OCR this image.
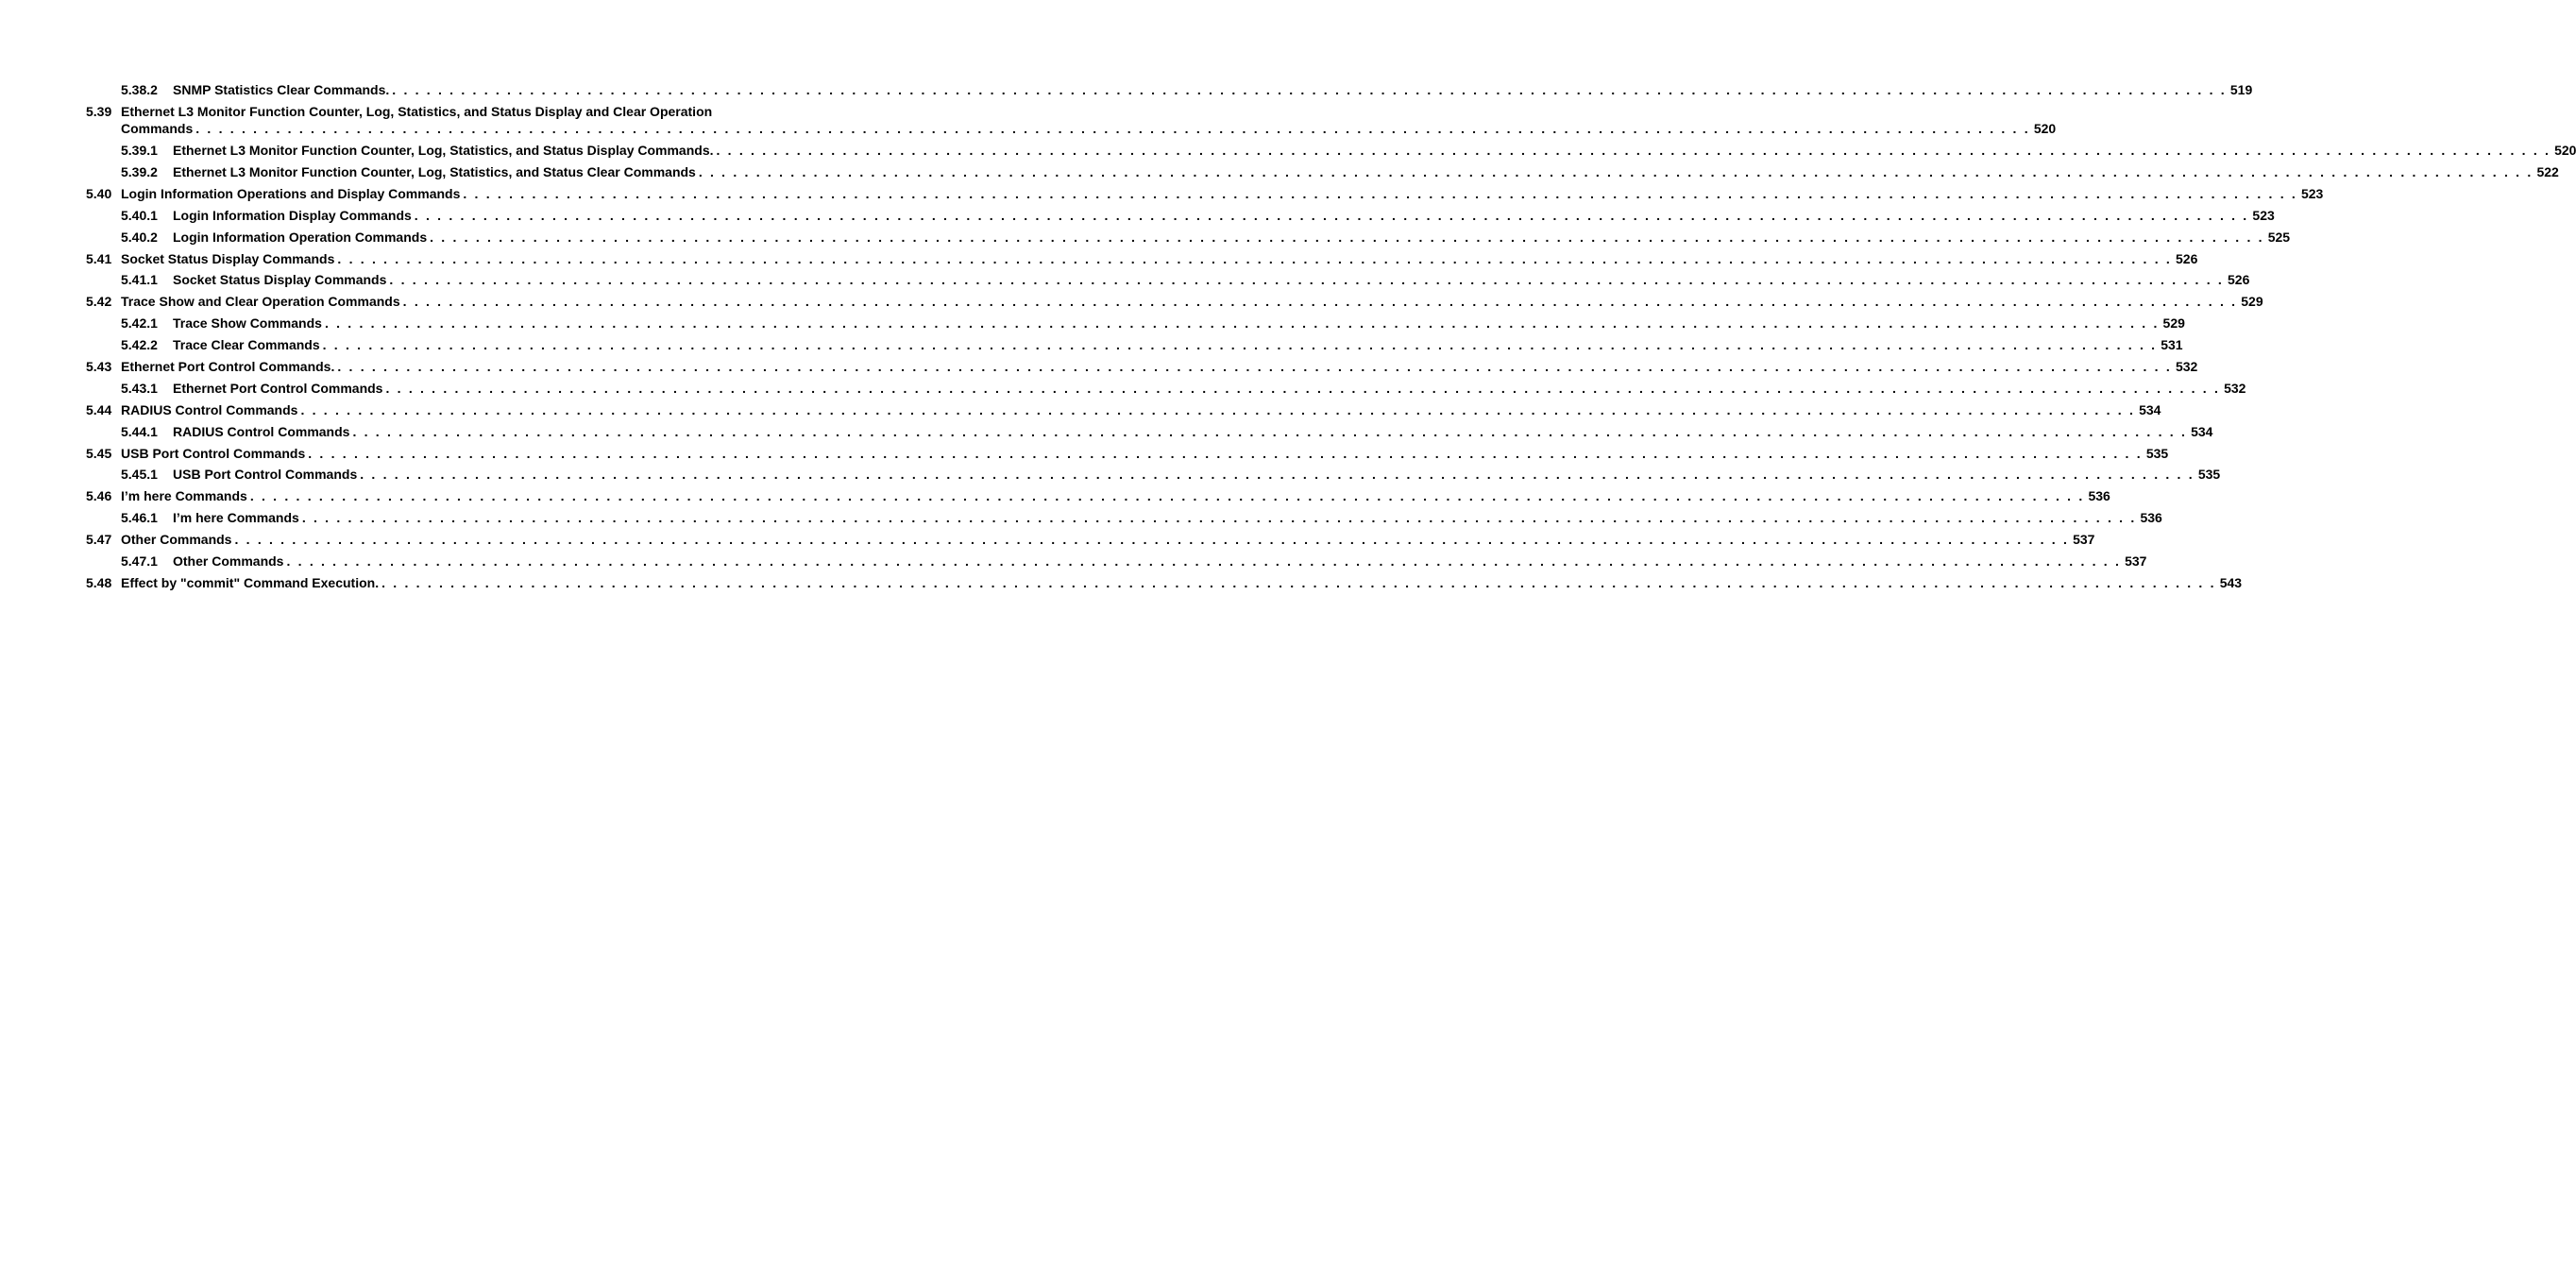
5.38.2	SNMP Statistics Clear Commands. . . . . . . . . . . . . . . . . . . . . . . . . . . . . . . . . . . . . . . . . . . . . . . . . . . . . . . . . . . . . . . . . . . . . . . . . . . . . . . . . . . . . . . . . . . . . . . . . . . . . . . . . . . . . . . . . . . . . . . . . . . . . . . . . . . . . . . . . . . . . . . . . . . . . . . . . . . . . . . . . 519
5.39 Ethernet L3 Monitor Function Counter, Log, Statistics, and Status Display and Clear Operation
Commands . . . . . . . . . . . . . . . . . . . . . . . . . . . . . . . . . . . . . . . . . . . . . . . . . . . . . . . . . . . . . . . . . . . . . . . . . . . . . . . . . . . . . . . . . . . . . . . . . . . . . . . . . . . . . . . . . . . . . . . . . . . . . . . . . . . . . . . . . . . . . . . . . . . . . . . . . . . . . . . . 520
5.39.1	Ethernet L3 Monitor Function Counter, Log, Statistics, and Status Display Commands. . . . . . . . . . . . . . . . . . . . . . . . . . . . . . . . . . . . . . . . . . . . . . . . . . . . . . . . . . . . . . . . . . . . . . . . . . . . . . . . . . . . . . . . . . . . . . . . . . . . . . . . . . . . . . . . . . . . . . . . . . . . . . . . . . . . . . . . . . . . . . . . . . . . . . . . . . . . . . . . . 520
5.39.2	Ethernet L3 Monitor Function Counter, Log, Statistics, and Status Clear Commands . . . . . . . . . . . . . . . . . . . . . . . . . . . . . . . . . . . . . . . . . . . . . . . . . . . . . . . . . . . . . . . . . . . . . . . . . . . . . . . . . . . . . . . . . . . . . . . . . . . . . . . . . . . . . . . . . . . . . . . . . . . . . . . . . . . . . . . . . . . . . . . . . . . . . . . . . . . . . . . . 522
5.40 Login Information Operations and Display Commands . . . . . . . . . . . . . . . . . . . . . . . . . . . . . . . . . . . . . . . . . . . . . . . . . . . . . . . . . . . . . . . . . . . . . . . . . . . . . . . . . . . . . . . . . . . . . . . . . . . . . . . . . . . . . . . . . . . . . . . . . . . . . . . . . . . . . . . . . . . . . . . . . . . . . . . . . . . . . . . . 523
5.40.1	Login Information Display Commands . . . . . . . . . . . . . . . . . . . . . . . . . . . . . . . . . . . . . . . . . . . . . . . . . . . . . . . . . . . . . . . . . . . . . . . . . . . . . . . . . . . . . . . . . . . . . . . . . . . . . . . . . . . . . . . . . . . . . . . . . . . . . . . . . . . . . . . . . . . . . . . . . . . . . . . . . . . . . . . . 523
5.40.2	Login Information Operation Commands . . . . . . . . . . . . . . . . . . . . . . . . . . . . . . . . . . . . . . . . . . . . . . . . . . . . . . . . . . . . . . . . . . . . . . . . . . . . . . . . . . . . . . . . . . . . . . . . . . . . . . . . . . . . . . . . . . . . . . . . . . . . . . . . . . . . . . . . . . . . . . . . . . . . . . . . . . . . . . . . 525
5.41 Socket Status Display Commands . . . . . . . . . . . . . . . . . . . . . . . . . . . . . . . . . . . . . . . . . . . . . . . . . . . . . . . . . . . . . . . . . . . . . . . . . . . . . . . . . . . . . . . . . . . . . . . . . . . . . . . . . . . . . . . . . . . . . . . . . . . . . . . . . . . . . . . . . . . . . . . . . . . . . . . . . . . . . . . . 526
5.41.1	Socket Status Display Commands . . . . . . . . . . . . . . . . . . . . . . . . . . . . . . . . . . . . . . . . . . . . . . . . . . . . . . . . . . . . . . . . . . . . . . . . . . . . . . . . . . . . . . . . . . . . . . . . . . . . . . . . . . . . . . . . . . . . . . . . . . . . . . . . . . . . . . . . . . . . . . . . . . . . . . . . . . . . . . . . 526
5.42 Trace Show and Clear Operation Commands . . . . . . . . . . . . . . . . . . . . . . . . . . . . . . . . . . . . . . . . . . . . . . . . . . . . . . . . . . . . . . . . . . . . . . . . . . . . . . . . . . . . . . . . . . . . . . . . . . . . . . . . . . . . . . . . . . . . . . . . . . . . . . . . . . . . . . . . . . . . . . . . . . . . . . . . . . . . . . . . 529
5.42.1	Trace Show Commands . . . . . . . . . . . . . . . . . . . . . . . . . . . . . . . . . . . . . . . . . . . . . . . . . . . . . . . . . . . . . . . . . . . . . . . . . . . . . . . . . . . . . . . . . . . . . . . . . . . . . . . . . . . . . . . . . . . . . . . . . . . . . . . . . . . . . . . . . . . . . . . . . . . . . . . . . . . . . . . . 529
5.42.2	Trace Clear Commands . . . . . . . . . . . . . . . . . . . . . . . . . . . . . . . . . . . . . . . . . . . . . . . . . . . . . . . . . . . . . . . . . . . . . . . . . . . . . . . . . . . . . . . . . . . . . . . . . . . . . . . . . . . . . . . . . . . . . . . . . . . . . . . . . . . . . . . . . . . . . . . . . . . . . . . . . . . . . . . . 531
5.43 Ethernet Port Control Commands. . . . . . . . . . . . . . . . . . . . . . . . . . . . . . . . . . . . . . . . . . . . . . . . . . . . . . . . . . . . . . . . . . . . . . . . . . . . . . . . . . . . . . . . . . . . . . . . . . . . . . . . . . . . . . . . . . . . . . . . . . . . . . . . . . . . . . . . . . . . . . . . . . . . . . . . . . . . . . . . . 532
5.43.1	Ethernet Port Control Commands . . . . . . . . . . . . . . . . . . . . . . . . . . . . . . . . . . . . . . . . . . . . . . . . . . . . . . . . . . . . . . . . . . . . . . . . . . . . . . . . . . . . . . . . . . . . . . . . . . . . . . . . . . . . . . . . . . . . . . . . . . . . . . . . . . . . . . . . . . . . . . . . . . . . . . . . . . . . . . . . 532
5.44 RADIUS Control Commands . . . . . . . . . . . . . . . . . . . . . . . . . . . . . . . . . . . . . . . . . . . . . . . . . . . . . . . . . . . . . . . . . . . . . . . . . . . . . . . . . . . . . . . . . . . . . . . . . . . . . . . . . . . . . . . . . . . . . . . . . . . . . . . . . . . . . . . . . . . . . . . . . . . . . . . . . . . . . . . . 534
5.44.1	RADIUS Control Commands . . . . . . . . . . . . . . . . . . . . . . . . . . . . . . . . . . . . . . . . . . . . . . . . . . . . . . . . . . . . . . . . . . . . . . . . . . . . . . . . . . . . . . . . . . . . . . . . . . . . . . . . . . . . . . . . . . . . . . . . . . . . . . . . . . . . . . . . . . . . . . . . . . . . . . . . . . . . . . . . 534
5.45 USB Port Control Commands . . . . . . . . . . . . . . . . . . . . . . . . . . . . . . . . . . . . . . . . . . . . . . . . . . . . . . . . . . . . . . . . . . . . . . . . . . . . . . . . . . . . . . . . . . . . . . . . . . . . . . . . . . . . . . . . . . . . . . . . . . . . . . . . . . . . . . . . . . . . . . . . . . . . . . . . . . . . . . . . 535
5.45.1	USB Port Control Commands . . . . . . . . . . . . . . . . . . . . . . . . . . . . . . . . . . . . . . . . . . . . . . . . . . . . . . . . . . . . . . . . . . . . . . . . . . . . . . . . . . . . . . . . . . . . . . . . . . . . . . . . . . . . . . . . . . . . . . . . . . . . . . . . . . . . . . . . . . . . . . . . . . . . . . . . . . . . . . . . 535
5.46 I’m here Commands . . . . . . . . . . . . . . . . . . . . . . . . . . . . . . . . . . . . . . . . . . . . . . . . . . . . . . . . . . . . . . . . . . . . . . . . . . . . . . . . . . . . . . . . . . . . . . . . . . . . . . . . . . . . . . . . . . . . . . . . . . . . . . . . . . . . . . . . . . . . . . . . . . . . . . . . . . . . . . . . 536
5.46.1	I’m here Commands . . . . . . . . . . . . . . . . . . . . . . . . . . . . . . . . . . . . . . . . . . . . . . . . . . . . . . . . . . . . . . . . . . . . . . . . . . . . . . . . . . . . . . . . . . . . . . . . . . . . . . . . . . . . . . . . . . . . . . . . . . . . . . . . . . . . . . . . . . . . . . . . . . . . . . . . . . . . . . . . 536
5.47 Other Commands . . . . . . . . . . . . . . . . . . . . . . . . . . . . . . . . . . . . . . . . . . . . . . . . . . . . . . . . . . . . . . . . . . . . . . . . . . . . . . . . . . . . . . . . . . . . . . . . . . . . . . . . . . . . . . . . . . . . . . . . . . . . . . . . . . . . . . . . . . . . . . . . . . . . . . . . . . . . . . . . 537
5.47.1	Other Commands . . . . . . . . . . . . . . . . . . . . . . . . . . . . . . . . . . . . . . . . . . . . . . . . . . . . . . . . . . . . . . . . . . . . . . . . . . . . . . . . . . . . . . . . . . . . . . . . . . . . . . . . . . . . . . . . . . . . . . . . . . . . . . . . . . . . . . . . . . . . . . . . . . . . . . . . . . . . . . . . 537
5.48 Effect by "commit" Command Execution. . . . . . . . . . . . . . . . . . . . . . . . . . . . . . . . . . . . . . . . . . . . . . . . . . . . . . . . . . . . . . . . . . . . . . . . . . . . . . . . . . . . . . . . . . . . . . . . . . . . . . . . . . . . . . . . . . . . . . . . . . . . . . . . . . . . . . . . . . . . . . . . . . . . . . . . . . . . . . . . . 543
